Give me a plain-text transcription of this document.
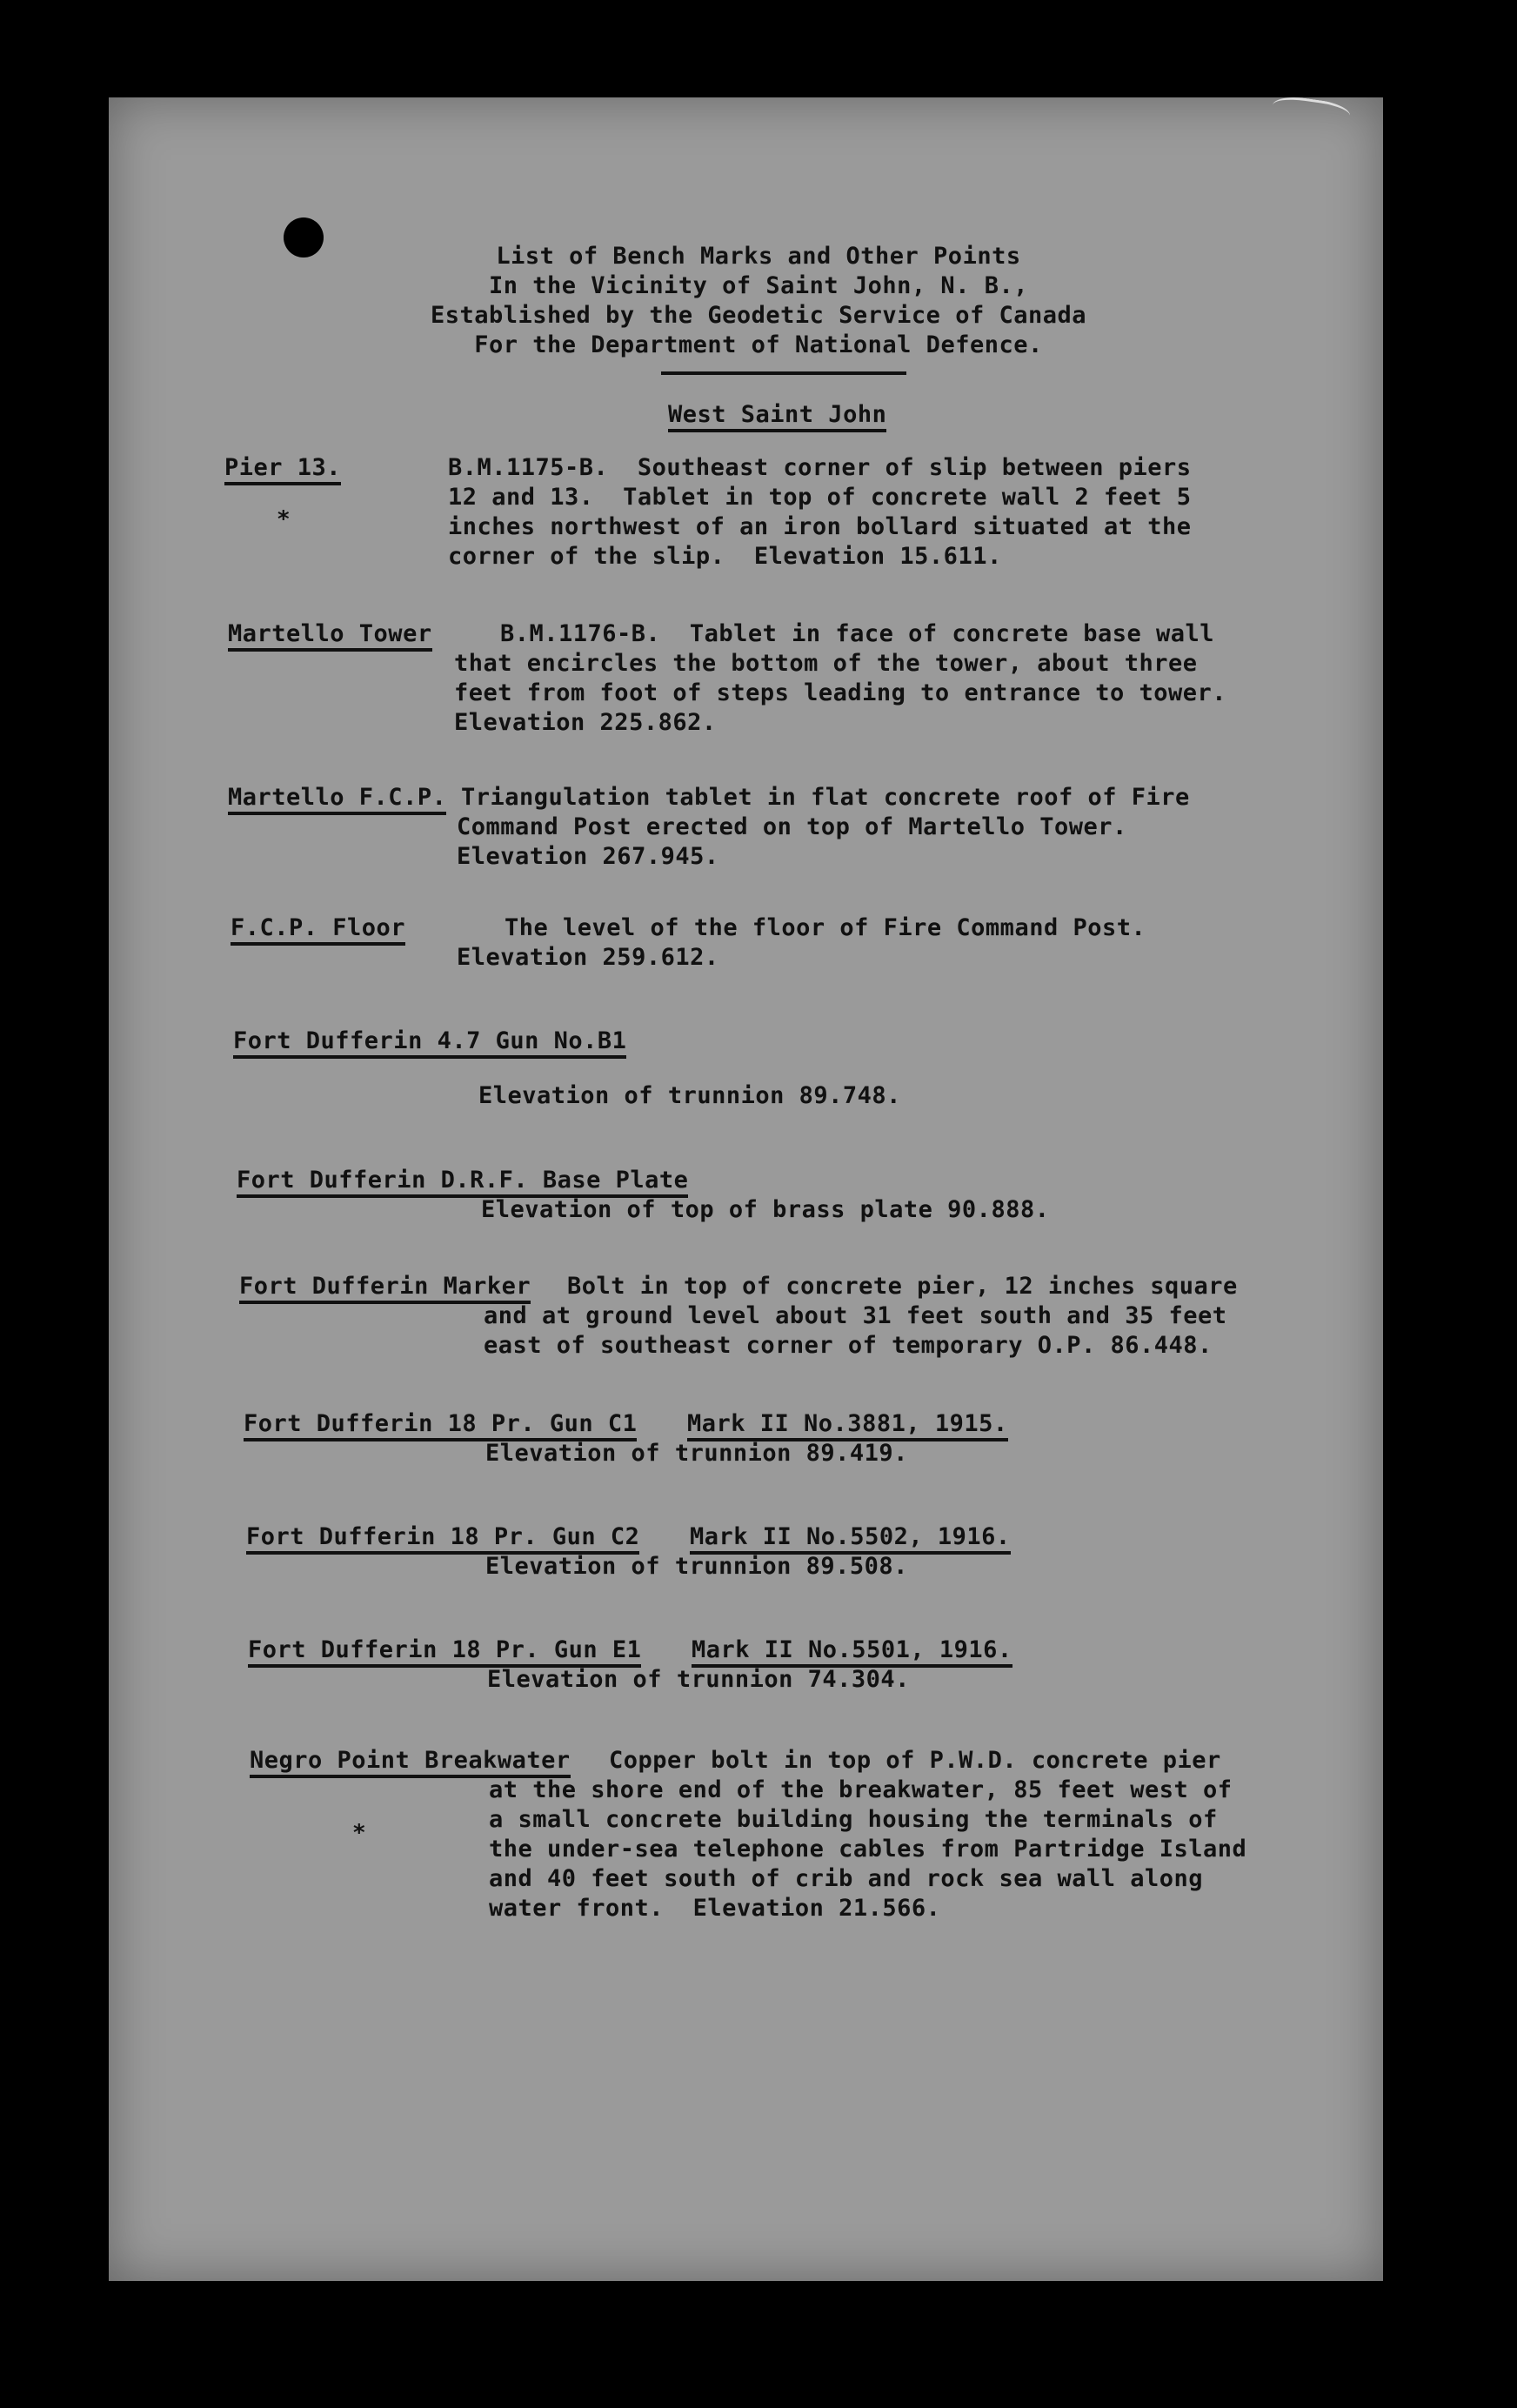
List of Bench Marks and Other Points
In the Vicinity of Saint John, N. B.,
Established by the Geodetic Service of Canada
For the Department of National Defence.
West Saint John
Pier 13.
*
B.M.1175-B.  Southeast corner of slip between piers
12 and 13.  Tablet in top of concrete wall 2 feet 5
inches northwest of an iron bollard situated at the
corner of the slip.  Elevation 15.611.
Martello Tower	B.M.1176-B.  Tablet in face of concrete base wall
that encircles the bottom of the tower, about three
feet from foot of steps leading to entrance to tower.
Elevation 225.862.
Martello F.C.P. Triangulation tablet in flat concrete roof of Fire
Command Post erected on top of Martello Tower.
Elevation 267.945.
F.C.P. Floor	The level of the floor of Fire Command Post.
Elevation 259.612.
Fort Dufferin 4.7 Gun No.B1
Elevation of trunnion 89.748.
Fort Dufferin D.R.F. Base Plate
Elevation of top of brass plate 90.888.
Fort Dufferin Marker Bolt in top of concrete pier, 12 inches square
and at ground level about 31 feet south and 35 feet
east of southeast corner of temporary O.P. 86.448.
Fort Dufferin 18 Pr. Gun C1 Mark II No.3881, 1915.
Elevation of trunnion 89.419.
Fort Dufferin 18 Pr. Gun C2 Mark II No.5502, 1916.
Elevation of trunnion 89.508.
Fort Dufferin 18 Pr. Gun E1 Mark II No.5501, 1916.
Elevation of trunnion 74.304.
Negro Point Breakwater
*
Copper bolt in top of P.W.D. concrete pier
at the shore end of the breakwater, 85 feet west of
a small concrete building housing the terminals of
the under-sea telephone cables from Partridge Island
and 40 feet south of crib and rock sea wall along
water front.  Elevation 21.566.
